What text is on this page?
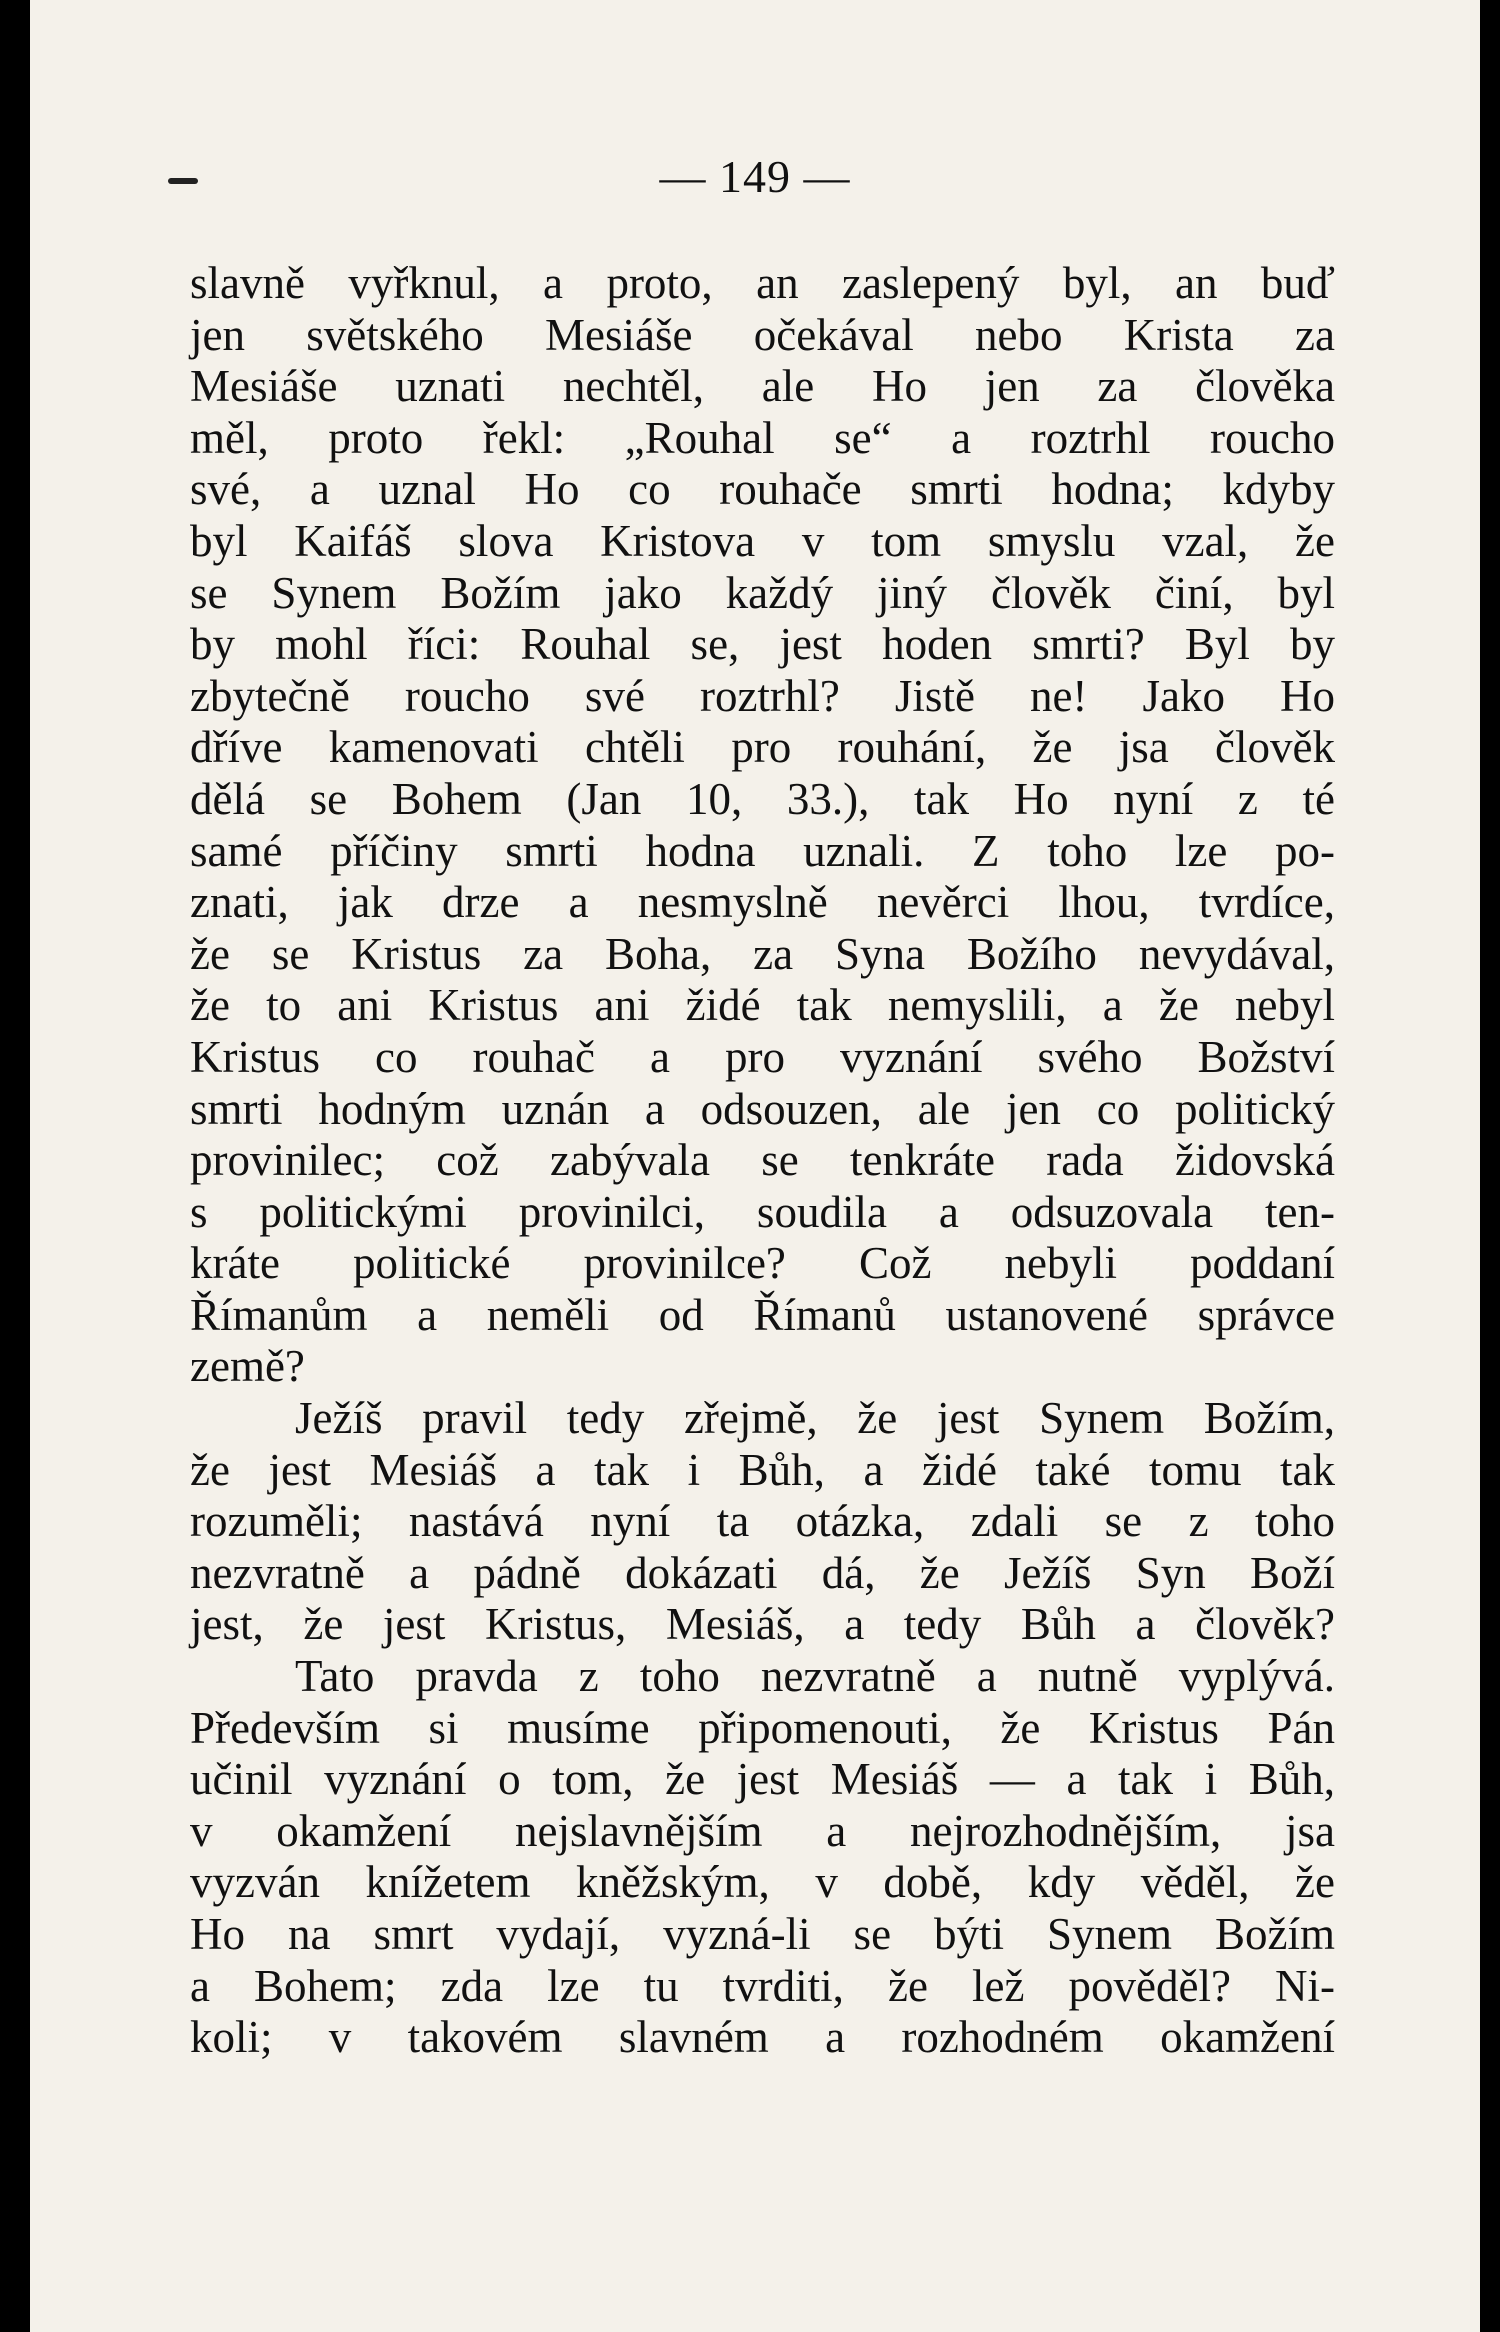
— 149 —
slavně vyřknul, a proto, an zaslepený byl, an buď
jen světského Mesiáše očekával nebo Krista za
Mesiáše uznati nechtěl, ale Ho jen za člověka
měl, proto řekl: „Rouhal se“ a roztrhl roucho
své, a uznal Ho co rouhače smrti hodna; kdyby
byl Kaifáš slova Kristova v tom smyslu vzal, že
se Synem Božím jako každý jiný člověk činí, byl
by mohl říci: Rouhal se, jest hoden smrti? Byl by
zbytečně roucho své roztrhl? Jistě ne! Jako Ho
dříve kamenovati chtěli pro rouhání, že jsa člověk
dělá se Bohem (Jan 10, 33.), tak Ho nyní z té
samé příčiny smrti hodna uznali. Z toho lze po-
znati, jak drze a nesmyslně nevěrci lhou, tvrdíce,
že se Kristus za Boha, za Syna Božího nevydával,
že to ani Kristus ani židé tak nemyslili, a že nebyl
Kristus co rouhač a pro vyznání svého Božství
smrti hodným uznán a odsouzen, ale jen co politický
provinilec; což zabývala se tenkráte rada židovská
s politickými provinilci, soudila a odsuzovala ten-
kráte politické provinilce? Což nebyli poddaní
Římanům a neměli od Římanů ustanovené správce
země?
Ježíš pravil tedy zřejmě, že jest Synem Božím,
že jest Mesiáš a tak i Bůh, a židé také tomu tak
rozuměli; nastává nyní ta otázka, zdali se z toho
nezvratně a pádně dokázati dá, že Ježíš Syn Boží
jest, že jest Kristus, Mesiáš, a tedy Bůh a člověk?
Tato pravda z toho nezvratně a nutně vyplývá.
Především si musíme připomenouti, že Kristus Pán
učinil vyznání o tom, že jest Mesiáš — a tak i Bůh,
v okamžení nejslavnějším a nejrozhodnějším, jsa
vyzván knížetem kněžským, v době, kdy věděl, že
Ho na smrt vydají, vyzná-li se býti Synem Božím
a Bohem; zda lze tu tvrditi, že lež pověděl? Ni-
koli; v takovém slavném a rozhodném okamžení
